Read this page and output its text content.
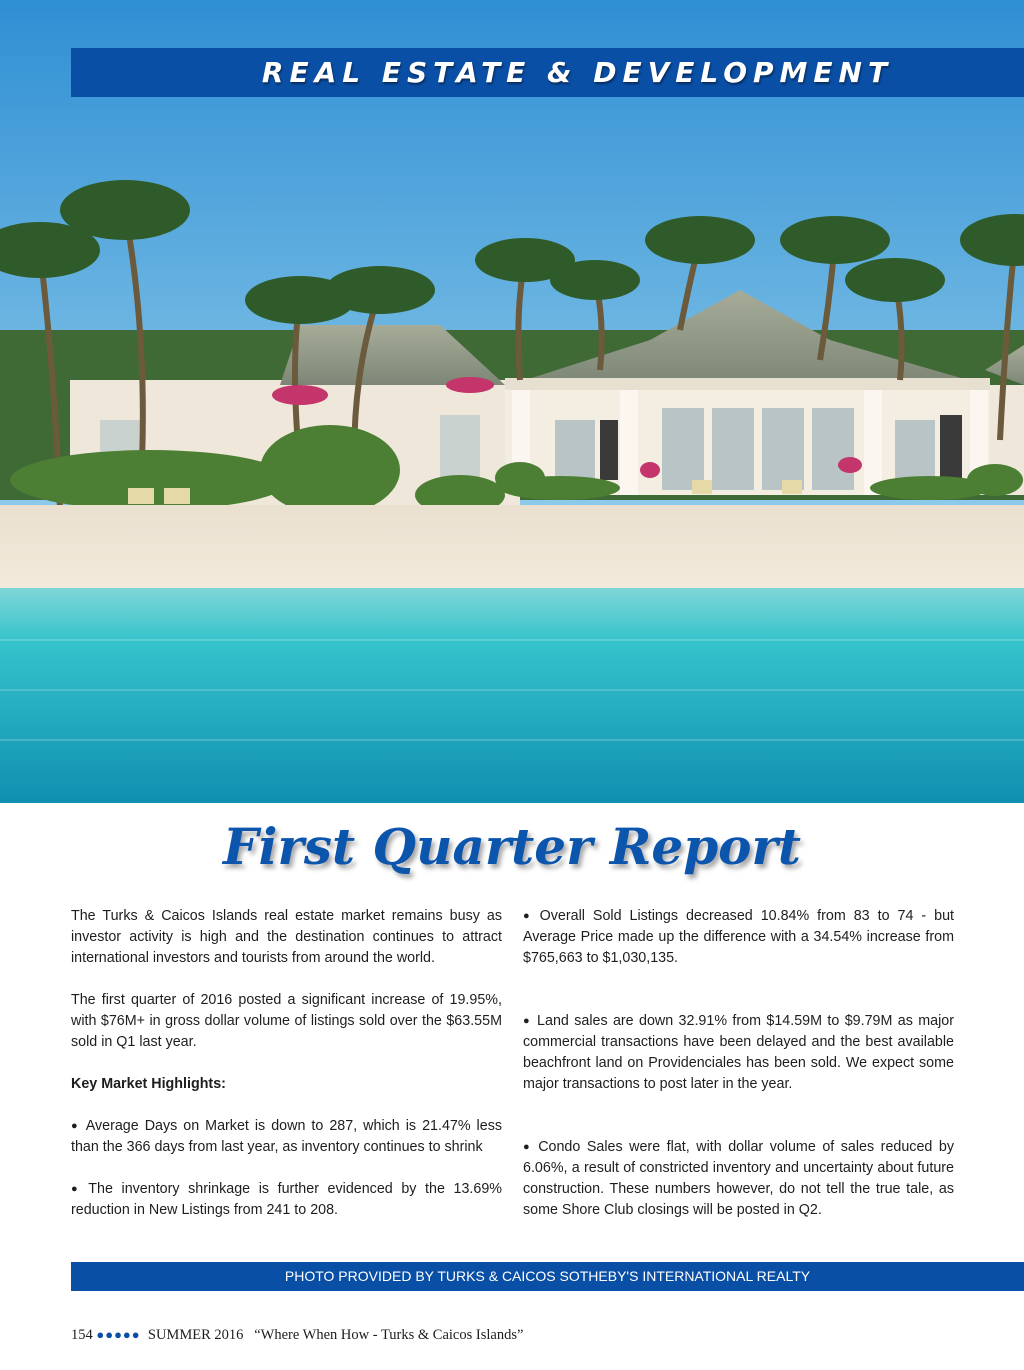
REAL ESTATE & DEVELOPMENT
First Quarter Report

The Turks & Caicos Islands real estate market remains busy as investor activity is high and the destination continues to attract international investors and tourists from around the world.

The first quarter of 2016 posted a significant increase of 19.95%, with $76M+ in gross dollar volume of listings sold over the $63.55M sold in Q1 last year.

Key Market Highlights:

● Average Days on Market is down to 287, which is 21.47% less than the 366 days from last year, as inventory continues to shrink

● The inventory shrinkage is further evidenced by the 13.69% reduction in New Listings from 241 to 208.

● Overall Sold Listings decreased 10.84% from 83 to 74 - but Average Price made up the difference with a 34.54% increase from $765,663 to $1,030,135.

● Land sales are down 32.91% from $14.59M to $9.79M as major commercial transactions have been delayed and the best available beachfront land on Providenciales has been sold. We expect some major transactions to post later in the year.

● Condo Sales were flat, with dollar volume of sales reduced by 6.06%, a result of constricted inventory and uncertainty about future construction. These numbers however, do not tell the true tale, as some Shore Club closings will be posted in Q2.

PHOTO PROVIDED BY TURKS & CAICOS SOTHEBY'S INTERNATIONAL REALTY
154 ●●●●● SUMMER 2016 “Where When How - Turks & Caicos Islands”
